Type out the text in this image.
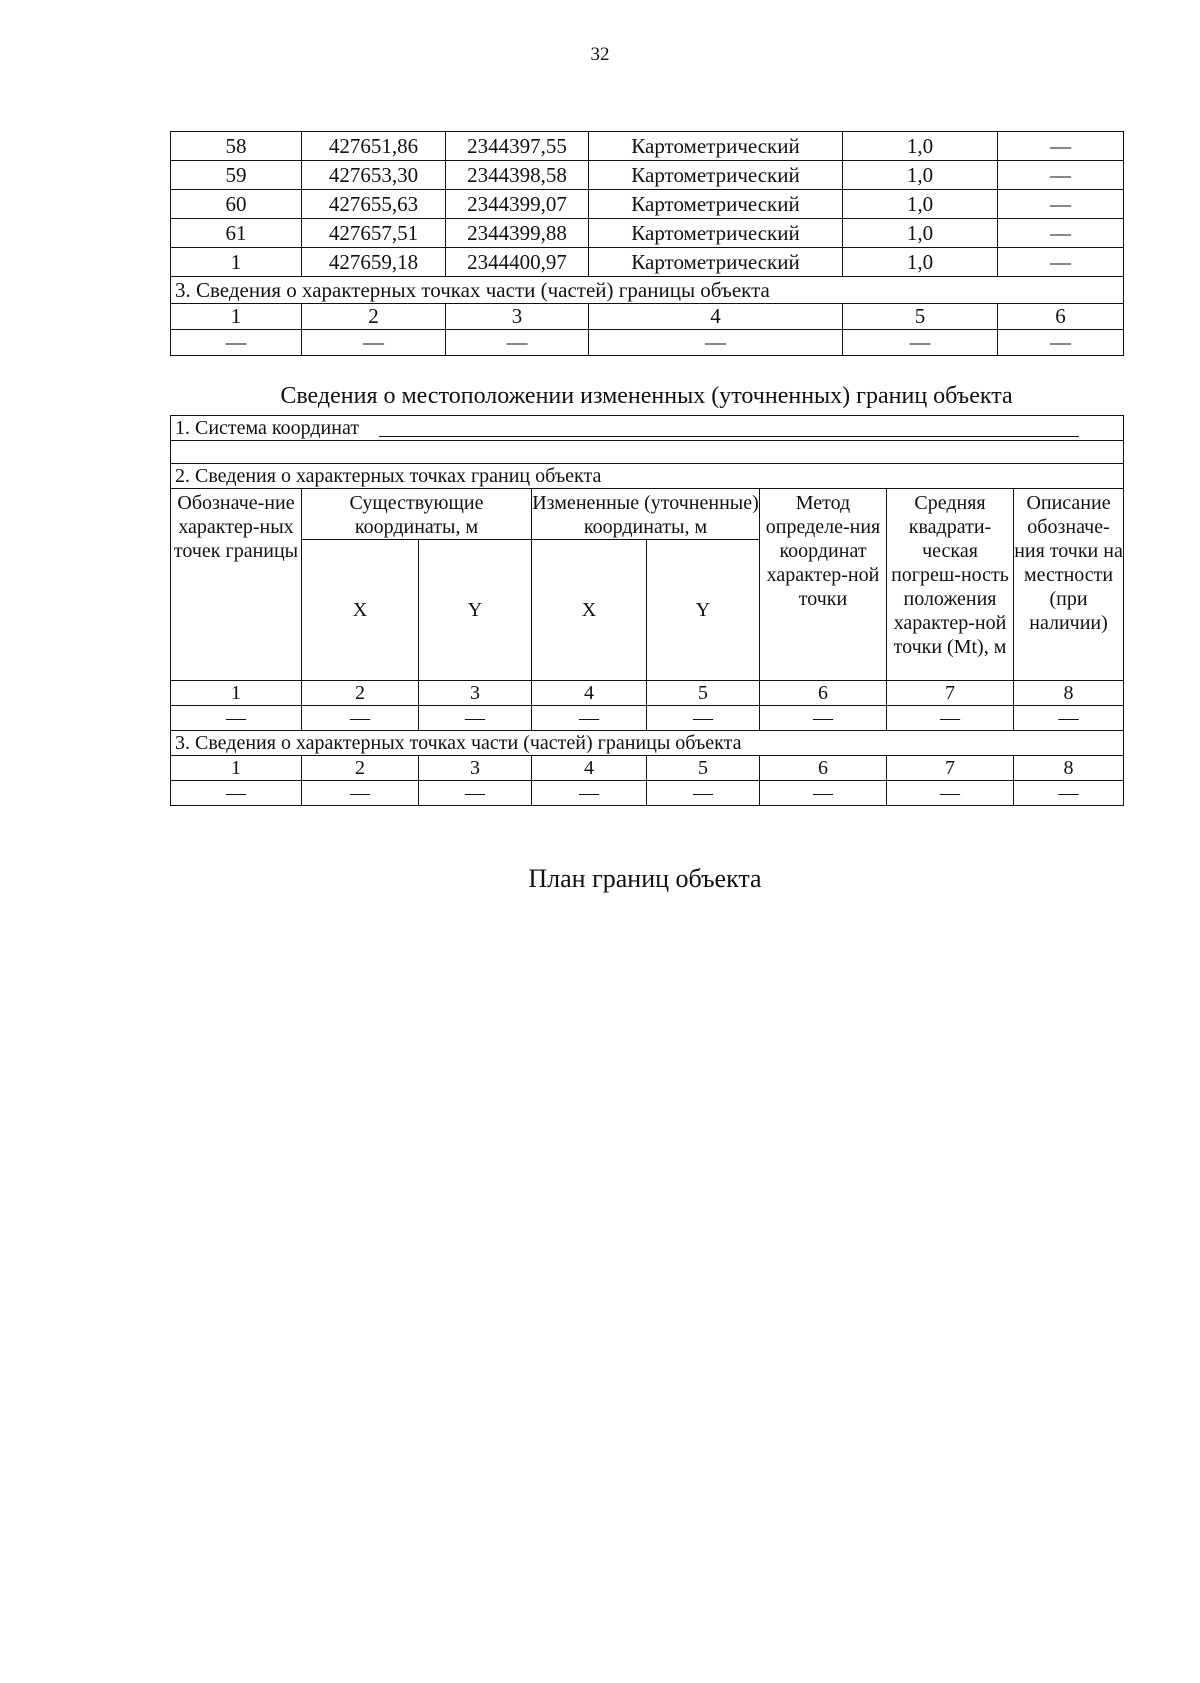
32
58	427651,86	2344397,55	Картометрический	1,0	—
59	427653,30	2344398,58	Картометрический	1,0	—
60	427655,63	2344399,07	Картометрический	1,0	—
61	427657,51	2344399,88	Картометрический	1,0	—
1	427659,18	2344400,97	Картометрический	1,0	—
3. Сведения о характерных точках части (частей) границы объекта					
1	2	3	4	5	6
—	—	—	—	—	—
Сведения о местоположении измененных (уточненных) границ объекта
1. Система координат							

2. Сведения о характерных точках границ объекта							
Обозначе-ние характер-ных точек границы	Существующие координаты, м		Измененные (уточненные) координаты, м		Метод определе-ния координат характер-ной точки	Средняя квадрати-ческая погреш-ность положения характер-ной точки (Mt), м	Описание обозначе-ния точки на местности (при наличии)
	X	Y	X	Y			
1	2	3	4	5	6	7	8
—	—	—	—	—	—	—	—
3. Сведения о характерных точках части (частей) границы объекта							
1	2	3	4	5	6	7	8
—	—	—	—	—	—	—	—
План границ объекта
